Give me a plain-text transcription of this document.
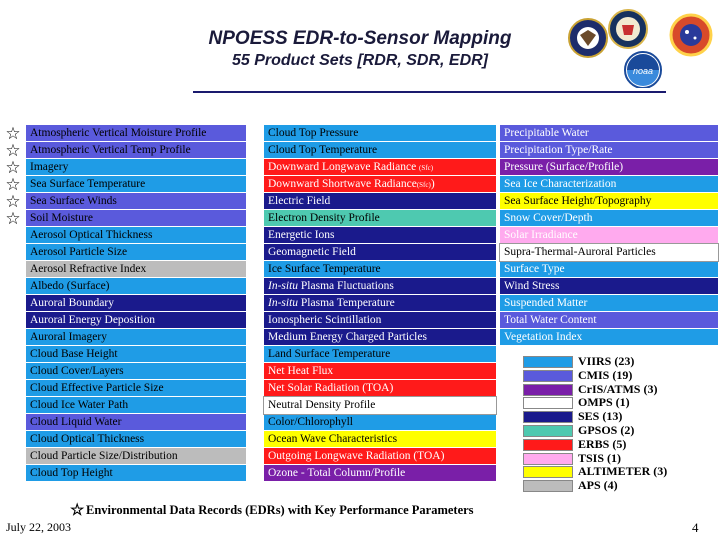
NPOESS EDR-to-Sensor Mapping
55 Product Sets [RDR, SDR, EDR]
noaa
☆
☆
☆
☆
☆
☆
Atmospheric Vertical Moisture Profile
Atmospheric Vertical Temp Profile
Imagery
Sea Surface Temperature
Sea Surface Winds
Soil Moisture
Aerosol Optical Thickness
Aerosol Particle Size
Aerosol Refractive Index
Albedo (Surface)
Auroral Boundary
Auroral Energy Deposition
Auroral Imagery
Cloud Base Height
Cloud Cover/Layers
Cloud Effective Particle Size
Cloud Ice Water Path
Cloud Liquid Water
Cloud Optical Thickness
Cloud Particle Size/Distribution
Cloud Top Height
Cloud Top Pressure
Cloud Top Temperature
Downward Longwave Radiance (Sfc)
Downward Shortwave Radiance(Sfc))
Electric Field
Electron Density Profile
Energetic Ions
Geomagnetic Field
Ice Surface Temperature
In-situ Plasma Fluctuations
In-situ Plasma Temperature
Ionospheric Scintillation
Medium Energy Charged Particles
Land Surface Temperature
Net Heat Flux
Net Solar Radiation (TOA)
Neutral Density Profile
Color/Chlorophyll
Ocean Wave Characteristics
Outgoing Longwave Radiation (TOA)
Ozone - Total Column/Profile
Precipitable Water
Precipitation Type/Rate
Pressure (Surface/Profile)
Sea Ice Characterization
Sea Surface Height/Topography
Snow Cover/Depth
Solar Irradiance
Supra-Thermal-Auroral Particles
Surface Type
Wind Stress
Suspended Matter
Total Water Content
Vegetation Index
VIIRS (23)
CMIS (19)
CrIS/ATMS (3)
OMPS (1)
SES (13)
GPSOS (2)
ERBS (5)
TSIS (1)
ALTIMETER (3)
APS (4)
☆ Environmental Data Records (EDRs) with Key Performance Parameters
July 22, 2003	4
